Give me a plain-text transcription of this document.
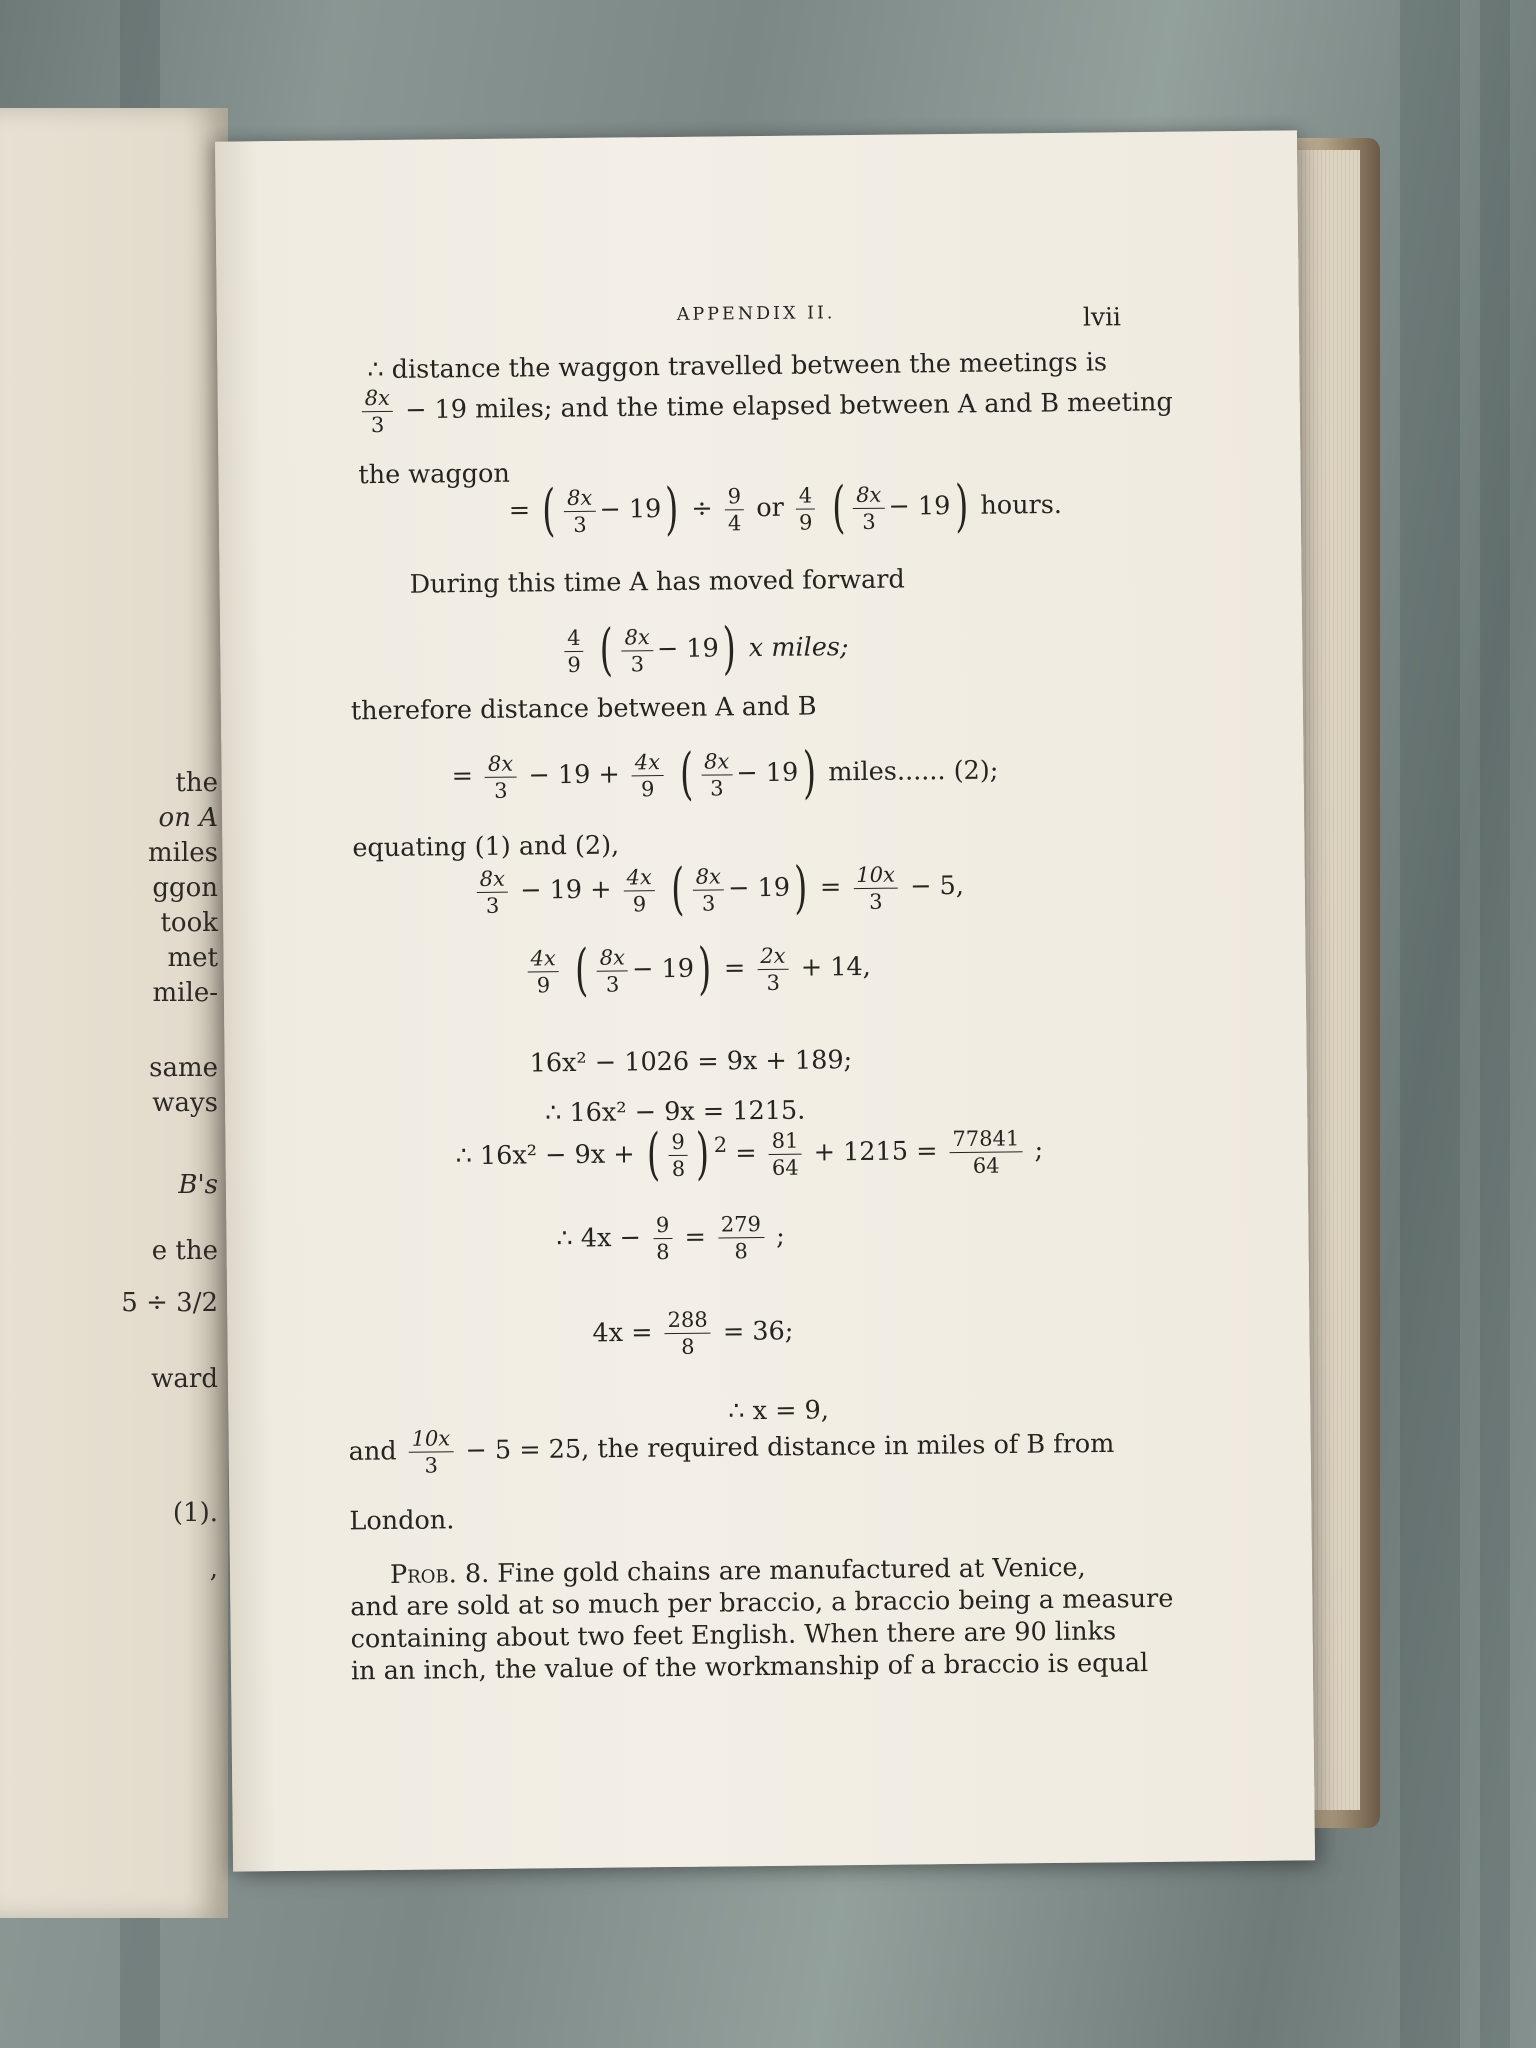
the
on A
miles
ggon
took
met
mile-
same
ways
B's
e the
5 ÷ 3/2
ward
(1).
,
APPENDIX II.	lvii
∴ distance the waggon travelled between the meetings is
$\frac{8x}{3} - 19$ miles; and the time elapsed between A and B meeting
the waggon
= ( $\frac{8x}{3} - 19) \div \frac{9}{4}$ or $\frac{4}{9}$ ( $\frac{8x}{3} - 19$) hours.
During this time A has moved forward
$\frac{4}{9}$ ( $\frac{8x}{3} - 19$) x miles;
therefore distance between A and B
= $\frac{8x}{3} - 19 + \frac{4x}{9}$ ( $\frac{8x}{3} - 19$) miles...... (2);
equating (1) and (2),
$\frac{8x}{3} - 19 + \frac{4x}{9}$ ( $\frac{8x}{3} - 19) = \frac{10x}{3} - 5$,
$\frac{4x}{9}$ ( $\frac{8x}{3} - 19) = \frac{2x}{3} + 14$,
16x² − 1026 = 9x + 189;
∴ 16x² − 9x = 1215.
∴ 16x² − 9x + ( $\frac{9}{8}$ ) $^2 = \frac{81}{64} + 1215 = \frac{77841}{64}$ ;
∴ $4x - \frac{9}{8} = \frac{279}{8}$ ;
$4x = \frac{288}{8} = 36$;
∴ x = 9,
and $\frac{10x}{3} - 5 = 25$, the required distance in miles of B from
London.
Prob. 8. Fine gold chains are manufactured at Venice,
and are sold at so much per braccio, a braccio being a measure
containing about two feet English. When there are 90 links
in an inch, the value of the workmanship of a braccio is equal
